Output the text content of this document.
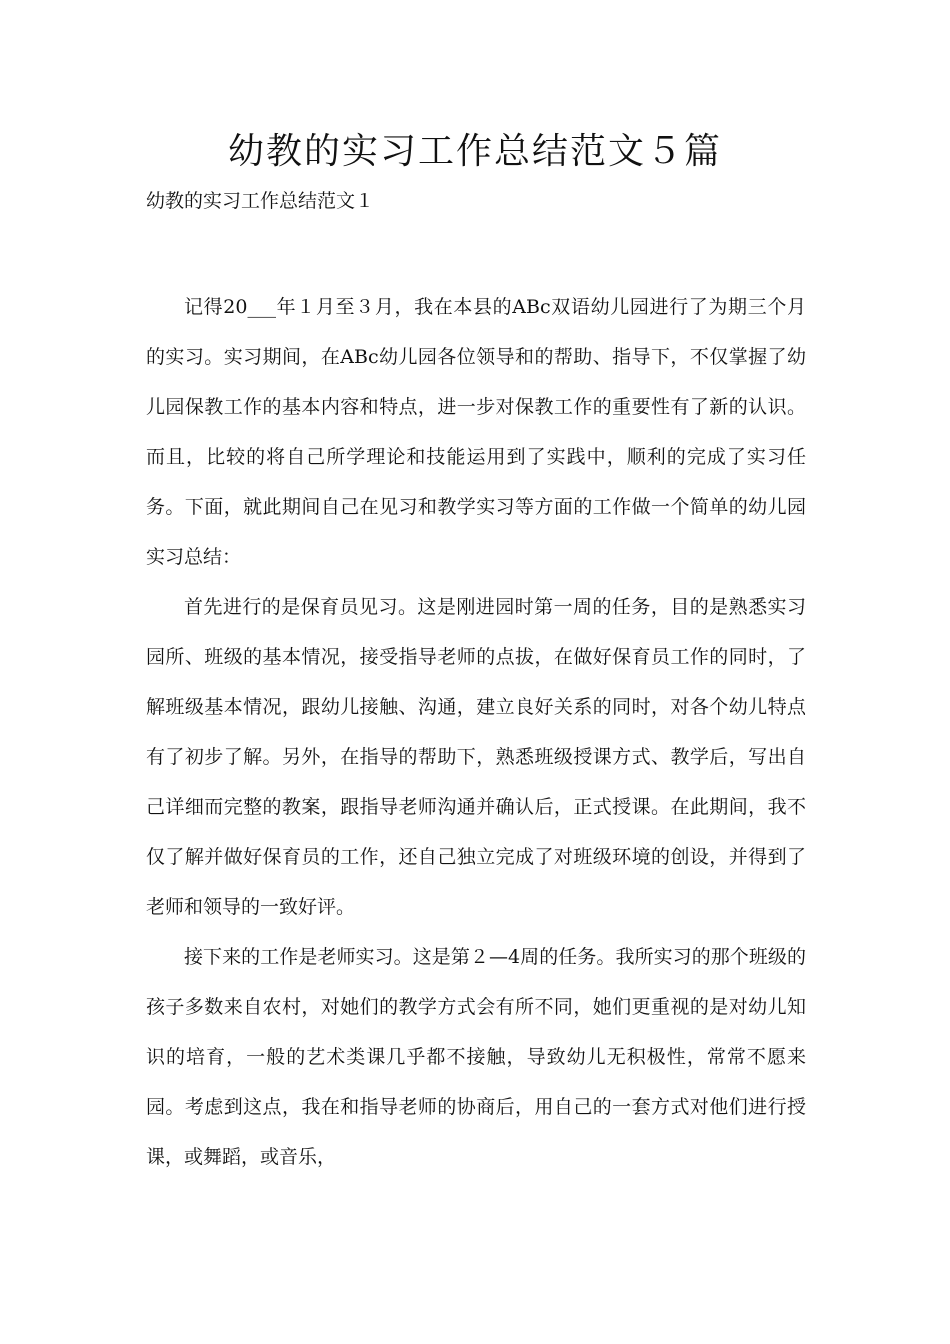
幼教的实习工作总结范文５篇
幼教的实习工作总结范文１

记得20___年１月至３月，我在本县的ABc双语幼儿园进行了为期三个月的实习。实习期间，在ABc幼儿园各位领导和的帮助、指导下，不仅掌握了幼儿园保教工作的基本内容和特点，进一步对保教工作的重要性有了新的认识。而且，比较的将自己所学理论和技能运用到了实践中，顺利的完成了实习任务。下面，就此期间自己在见习和教学实习等方面的工作做一个简单的幼儿园实习总结：

首先进行的是保育员见习。这是刚进园时第一周的任务，目的是熟悉实习园所、班级的基本情况，接受指导老师的点拔，在做好保育员工作的同时，了解班级基本情况，跟幼儿接触、沟通，建立良好关系的同时，对各个幼儿特点有了初步了解。另外，在指导的帮助下，熟悉班级授课方式、教学后，写出自己详细而完整的教案，跟指导老师沟通并确认后，正式授课。在此期间，我不仅了解并做好保育员的工作，还自己独立完成了对班级环境的创设，并得到了老师和领导的一致好评。

接下来的工作是老师实习。这是第２—4周的任务。我所实习的那个班级的孩子多数来自农村，对她们的教学方式会有所不同，她们更重视的是对幼儿知识的培育，一般的艺术类课几乎都不接触，导致幼儿无积极性，常常不愿来园。考虑到这点，我在和指导老师的协商后，用自己的一套方式对他们进行授课，或舞蹈，或音乐，
